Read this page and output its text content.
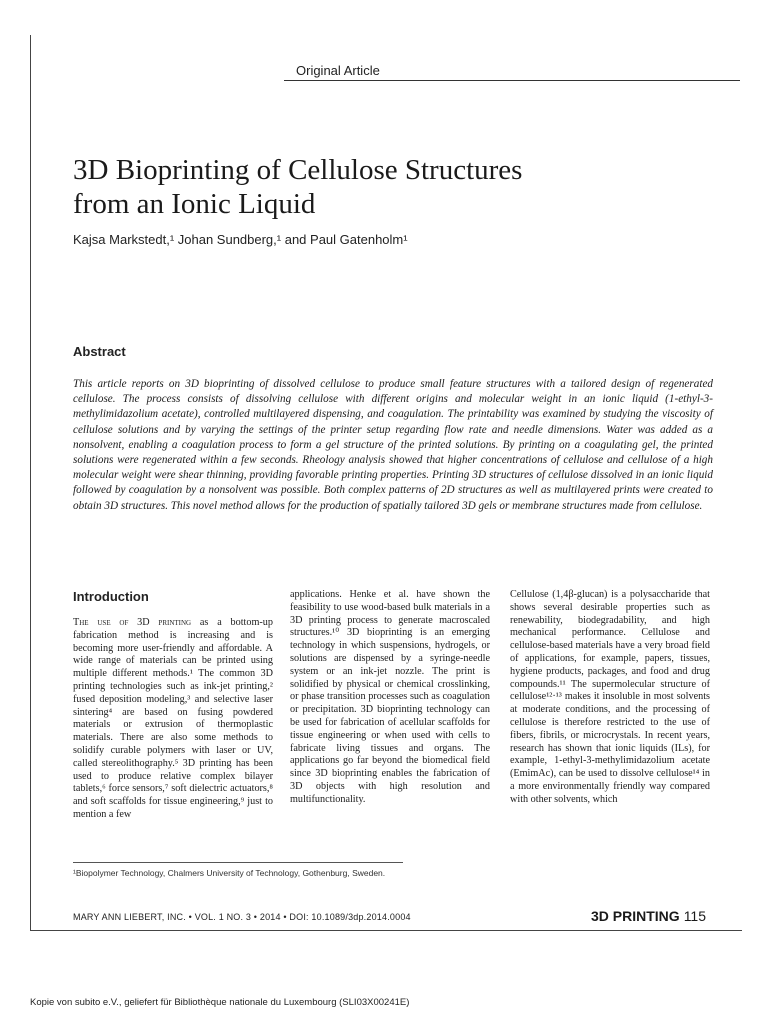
Original Article
3D Bioprinting of Cellulose Structures
from an Ionic Liquid
Kajsa Markstedt,¹ Johan Sundberg,¹ and Paul Gatenholm¹
Abstract
This article reports on 3D bioprinting of dissolved cellulose to produce small feature structures with a tailored design of regenerated cellulose. The process consists of dissolving cellulose with different origins and molecular weight in an ionic liquid (1-ethyl-3-methylimidazolium acetate), controlled multilayered dispensing, and coagulation. The printability was examined by studying the viscosity of cellulose solutions and by varying the settings of the printer setup regarding flow rate and needle dimensions. Water was added as a nonsolvent, enabling a coagulation process to form a gel structure of the printed solutions. By printing on a coagulating gel, the printed solutions were regenerated within a few seconds. Rheology analysis showed that higher concentrations of cellulose and cellulose of a high molecular weight were shear thinning, providing favorable printing properties. Printing 3D structures of cellulose dissolved in an ionic liquid followed by coagulation by a nonsolvent was possible. Both complex patterns of 2D structures as well as multilayered prints were created to obtain 3D structures. This novel method allows for the production of spatially tailored 3D gels or membrane structures made from cellulose.
Introduction

The use of 3D printing as a bottom-up fabrication method is increasing and is becoming more user-friendly and affordable. A wide range of materials can be printed using multiple different methods.¹ The common 3D printing technologies such as ink-jet printing,² fused deposition modeling,³ and selective laser sintering⁴ are based on fusing powdered materials or extrusion of thermoplastic materials. There are also some methods to solidify curable polymers with laser or UV, called stereolithography.⁵ 3D printing has been used to produce relative complex bilayer tablets,⁶ force sensors,⁷ soft dielectric actuators,⁸ and soft scaffolds for tissue engineering,⁹ just to mention a few

applications. Henke et al. have shown the feasibility to use wood-based bulk materials in a 3D printing process to generate macroscaled structures.¹⁰ 3D bioprinting is an emerging technology in which suspensions, hydrogels, or solutions are dispensed by a syringe-needle system or an ink-jet nozzle. The print is solidified by physical or chemical crosslinking, or phase transition processes such as coagulation or precipitation. 3D bioprinting technology can be used for fabrication of acellular scaffolds for tissue engineering or when used with cells to fabricate living tissues and organs. The applications go far beyond the biomedical field since 3D bioprinting enables the fabrication of 3D objects with high resolution and multifunctionality.

Cellulose (1,4β-glucan) is a polysaccharide that shows several desirable properties such as renewability, biodegradability, and high mechanical performance. Cellulose and cellulose-based materials have a very broad field of applications, for example, papers, tissues, hygiene products, packages, and food and drug compounds.¹¹ The supermolecular structure of cellulose¹²·¹³ makes it insoluble in most solvents at moderate conditions, and the processing of cellulose is therefore restricted to the use of fibers, fibrils, or microcrystals. In recent years, research has shown that ionic liquids (ILs), for example, 1-ethyl-3-methylimidazolium acetate (EmimAc), can be used to dissolve cellulose¹⁴ in a more environmentally friendly way compared with other solvents, which

¹Biopolymer Technology, Chalmers University of Technology, Gothenburg, Sweden.
MARY ANN LIEBERT, INC. • VOL. 1 NO. 3 • 2014 • DOI: 10.1089/3dp.2014.0004	3D PRINTING 115
Kopie von subito e.V., geliefert für Bibliothèque nationale du Luxembourg (SLI03X00241E)
